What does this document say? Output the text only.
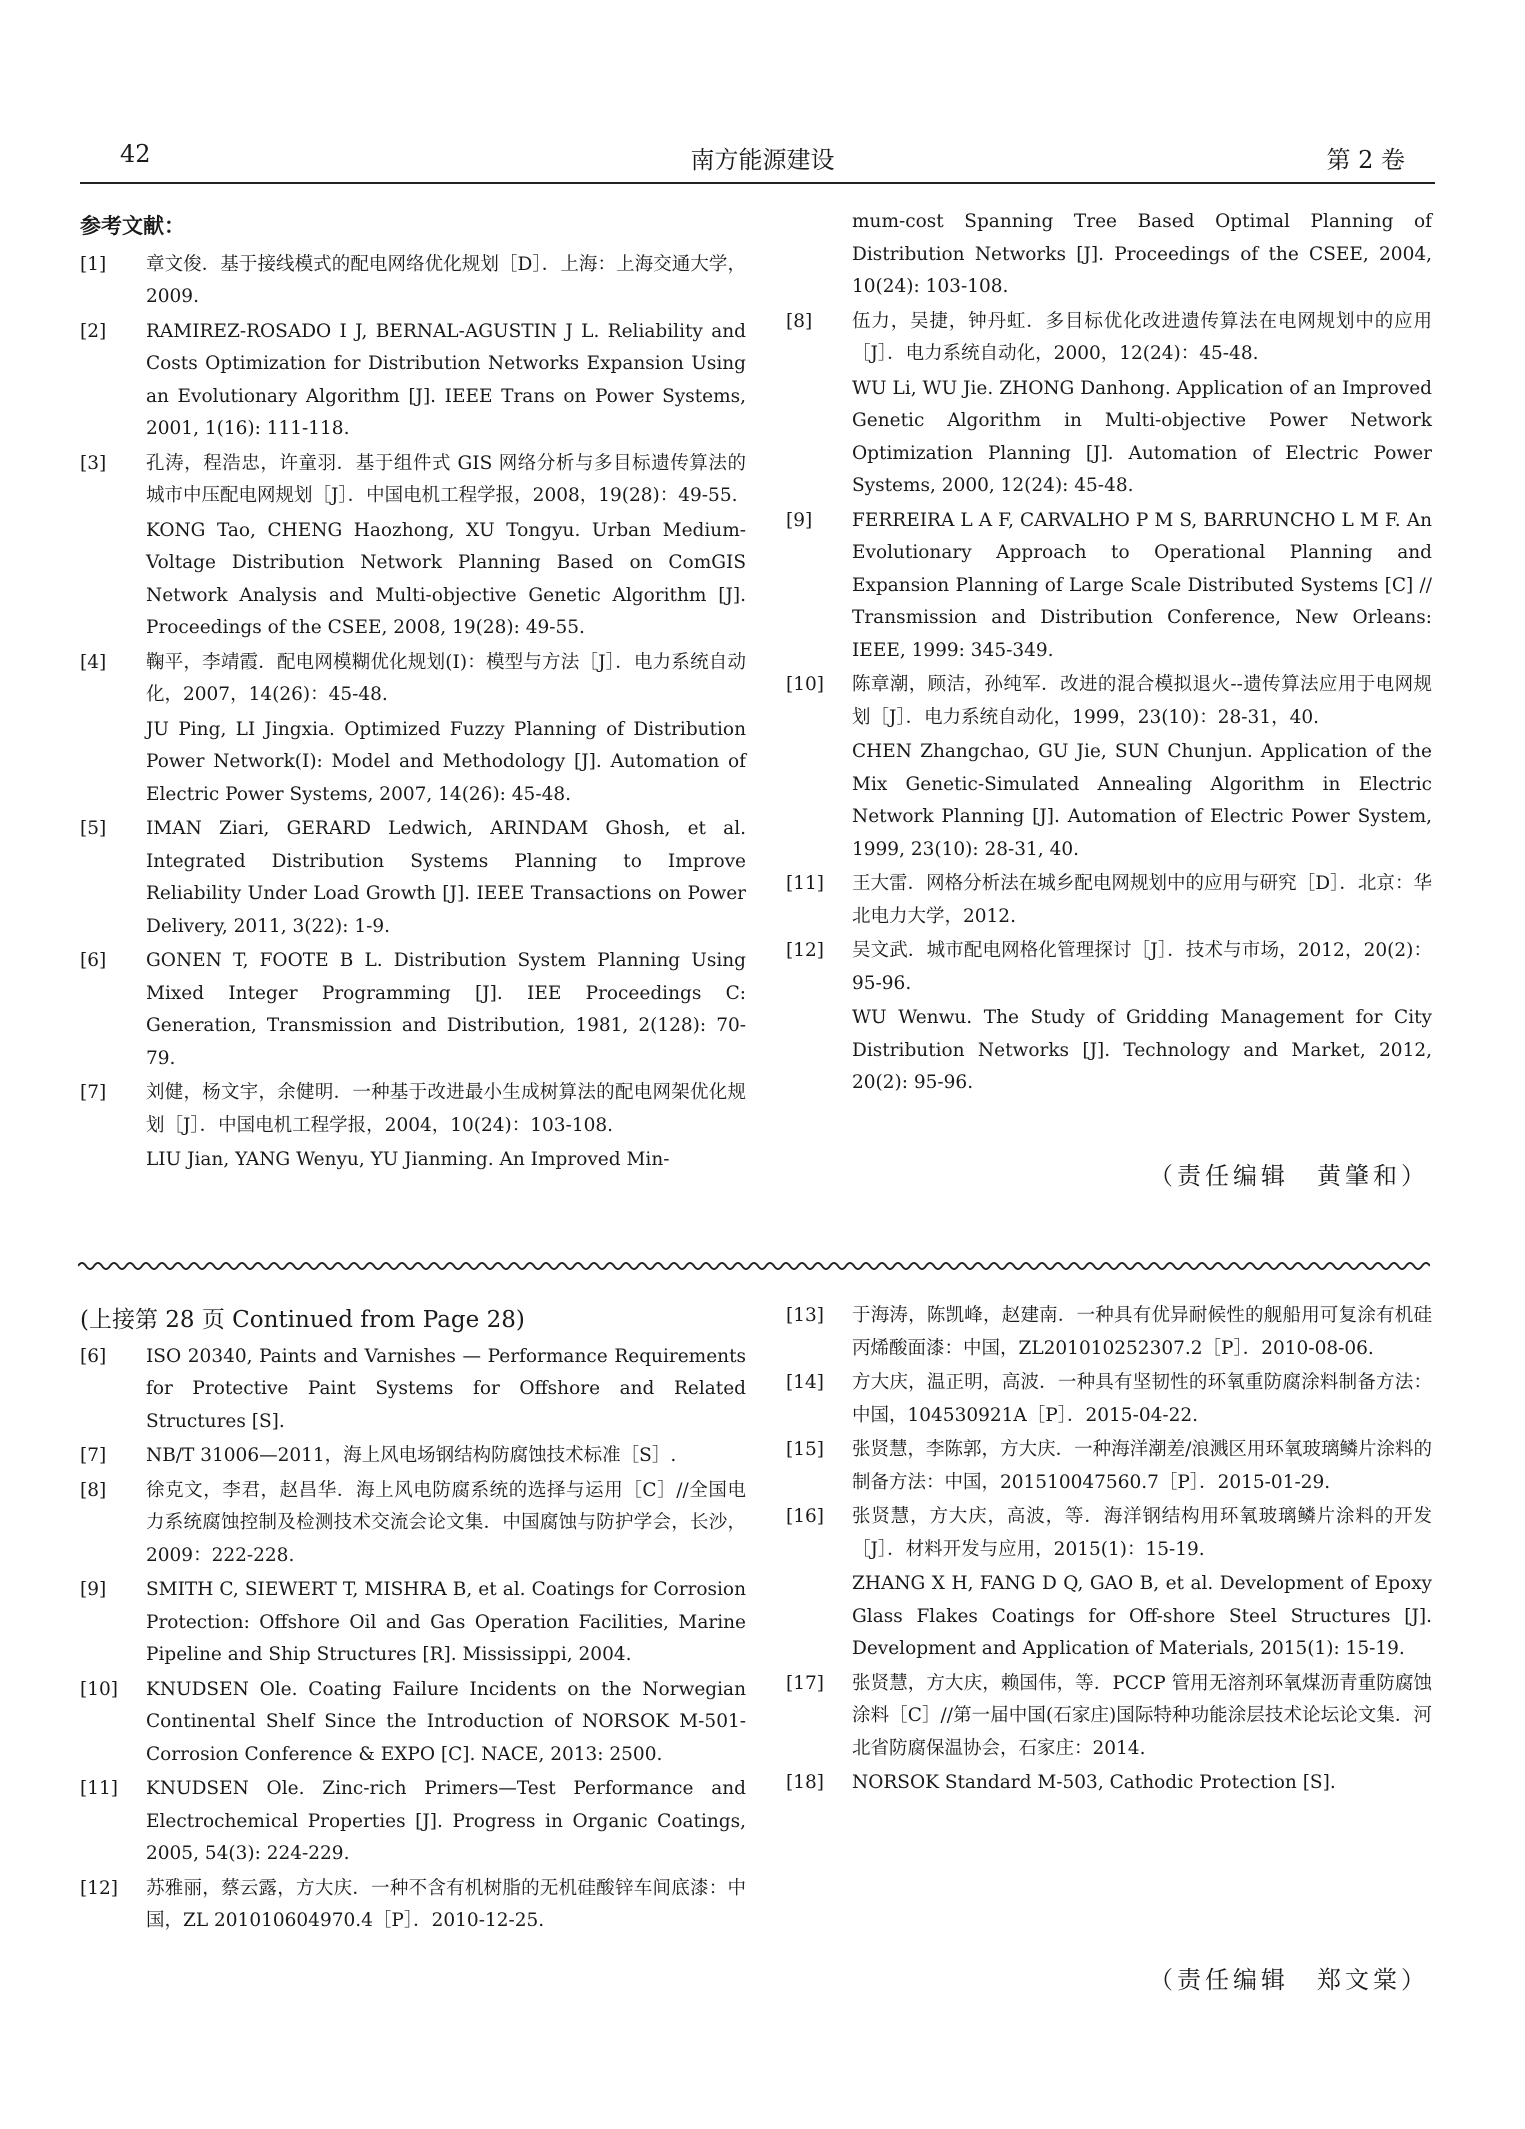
42	南方能源建设	第 2 卷
参考文献：
[1]	章文俊．基于接线模式的配电网络优化规划［D］．上海：上海交通大学，2009.
[2]	RAMIREZ-ROSADO I J, BERNAL-AGUSTIN J L. Reliability and Costs Optimization for Distribution Networks Expansion Using an Evolutionary Algorithm [J]. IEEE Trans on Power Systems, 2001, 1(16): 111-118.
[3]	孔涛，程浩忠，许童羽．基于组件式 GIS 网络分析与多目标遗传算法的城市中压配电网规划［J］．中国电机工程学报，2008，19(28)：49-55.
KONG Tao, CHENG Haozhong, XU Tongyu. Urban Medium-Voltage Distribution Network Planning Based on ComGIS Network Analysis and Multi-objective Genetic Algorithm [J]. Proceedings of the CSEE, 2008, 19(28): 49-55.
[4]	鞠平，李靖霞．配电网模糊优化规划(I)：模型与方法［J］．电力系统自动化，2007，14(26)：45-48.
JU Ping, LI Jingxia. Optimized Fuzzy Planning of Distribution Power Network(I): Model and Methodology [J]. Automation of Electric Power Systems, 2007, 14(26): 45-48.
[5]	IMAN Ziari, GERARD Ledwich, ARINDAM Ghosh, et al. Integrated Distribution Systems Planning to Improve Reliability Under Load Growth [J]. IEEE Transactions on Power Delivery, 2011, 3(22): 1-9.
[6]	GONEN T, FOOTE B L. Distribution System Planning Using Mixed Integer Programming [J]. IEE Proceedings C: Generation, Transmission and Distribution, 1981, 2(128): 70-79.
[7]	刘健，杨文宇，余健明．一种基于改进最小生成树算法的配电网架优化规划［J］．中国电机工程学报，2004，10(24)：103-108.
LIU Jian, YANG Wenyu, YU Jianming. An Improved Min-
mum-cost Spanning Tree Based Optimal Planning of Distribution Networks [J]. Proceedings of the CSEE, 2004, 10(24): 103-108.
[8]	伍力，吴捷，钟丹虹．多目标优化改进遗传算法在电网规划中的应用［J］．电力系统自动化，2000，12(24)：45-48.
WU Li, WU Jie. ZHONG Danhong. Application of an Improved Genetic Algorithm in Multi-objective Power Network Optimization Planning [J]. Automation of Electric Power Systems, 2000, 12(24): 45-48.
[9]	FERREIRA L A F, CARVALHO P M S, BARRUNCHO L M F. An Evolutionary Approach to Operational Planning and Expansion Planning of Large Scale Distributed Systems [C] // Transmission and Distribution Conference, New Orleans: IEEE, 1999: 345-349.
[10]	陈章潮，顾洁，孙纯军．改进的混合模拟退火--遗传算法应用于电网规划［J］．电力系统自动化，1999，23(10)：28-31，40.
CHEN Zhangchao, GU Jie, SUN Chunjun. Application of the Mix Genetic-Simulated Annealing Algorithm in Electric Network Planning [J]. Automation of Electric Power System, 1999, 23(10): 28-31, 40.
[11]	王大雷．网格分析法在城乡配电网规划中的应用与研究［D］．北京：华北电力大学，2012.
[12]	吴文武．城市配电网格化管理探讨［J］．技术与市场，2012，20(2)：95-96.
WU Wenwu. The Study of Gridding Management for City Distribution Networks [J]. Technology and Market, 2012, 20(2): 95-96.
（责任编辑　黄肇和）
(上接第 28 页 Continued from Page 28)
[6]	ISO 20340, Paints and Varnishes — Performance Requirements for Protective Paint Systems for Offshore and Related Structures [S].
[7]	NB/T 31006—2011，海上风电场钢结构防腐蚀技术标准［S］.
[8]	徐克文，李君，赵昌华．海上风电防腐系统的选择与运用［C］//全国电力系统腐蚀控制及检测技术交流会论文集．中国腐蚀与防护学会，长沙，2009：222-228.
[9]	SMITH C, SIEWERT T, MISHRA B, et al. Coatings for Corrosion Protection: Offshore Oil and Gas Operation Facilities, Marine Pipeline and Ship Structures [R]. Mississippi, 2004.
[10]	KNUDSEN Ole. Coating Failure Incidents on the Norwegian Continental Shelf Since the Introduction of NORSOK M-501-Corrosion Conference & EXPO [C]. NACE, 2013: 2500.
[11]	KNUDSEN Ole. Zinc-rich Primers—Test Performance and Electrochemical Properties [J]. Progress in Organic Coatings, 2005, 54(3): 224-229.
[12]	苏雅丽，蔡云露，方大庆．一种不含有机树脂的无机硅酸锌车间底漆：中国，ZL 201010604970.4［P］．2010-12-25.
[13]	于海涛，陈凯峰，赵建南．一种具有优异耐候性的舰船用可复涂有机硅丙烯酸面漆：中国，ZL201010252307.2［P］．2010-08-06.
[14]	方大庆，温正明，高波．一种具有坚韧性的环氧重防腐涂料制备方法：中国，104530921A［P］．2015-04-22.
[15]	张贤慧，李陈郭，方大庆．一种海洋潮差/浪溅区用环氧玻璃鳞片涂料的制备方法：中国，201510047560.7［P］．2015-01-29.
[16]	张贤慧，方大庆，高波，等．海洋钢结构用环氧玻璃鳞片涂料的开发［J］．材料开发与应用，2015(1)：15-19.
ZHANG X H, FANG D Q, GAO B, et al. Development of Epoxy Glass Flakes Coatings for Off-shore Steel Structures [J]. Development and Application of Materials, 2015(1): 15-19.
[17]	张贤慧，方大庆，赖国伟，等．PCCP 管用无溶剂环氧煤沥青重防腐蚀涂料［C］//第一届中国(石家庄)国际特种功能涂层技术论坛论文集．河北省防腐保温协会，石家庄：2014.
[18]	NORSOK Standard M-503, Cathodic Protection [S].
（责任编辑　郑文棠）
